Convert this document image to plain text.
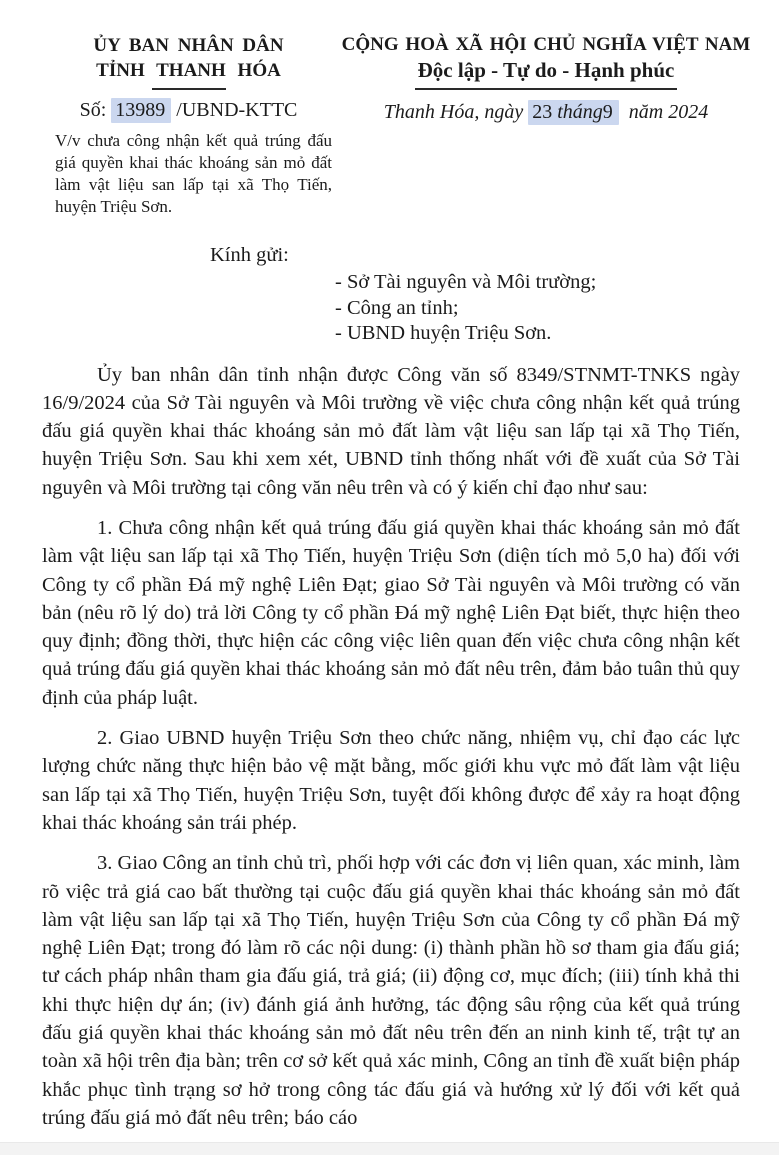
ỦY BAN NHÂN DÂN
TỈNH THANH HÓA
Số: 13989 /UBND-KTTC
V/v chưa công nhận kết quả trúng đấu giá quyền khai thác khoáng sản mỏ đất làm vật liệu san lấp tại xã Thọ Tiến, huyện Triệu Sơn.
CỘNG HOÀ XÃ HỘI CHỦ NGHĨA VIỆT NAM
Độc lập - Tự do - Hạnh phúc
Thanh Hóa, ngày 23 tháng9 năm 2024
Kính gửi:
- Sở Tài nguyên và Môi trường;
- Công an tỉnh;
- UBND huyện Triệu Sơn.

Ủy ban nhân dân tỉnh nhận được Công văn số 8349/STNMT-TNKS ngày 16/9/2024 của Sở Tài nguyên và Môi trường về việc chưa công nhận kết quả trúng đấu giá quyền khai thác khoáng sản mỏ đất làm vật liệu san lấp tại xã Thọ Tiến, huyện Triệu Sơn. Sau khi xem xét, UBND tỉnh thống nhất với đề xuất của Sở Tài nguyên và Môi trường tại công văn nêu trên và có ý kiến chỉ đạo như sau:

1. Chưa công nhận kết quả trúng đấu giá quyền khai thác khoáng sản mỏ đất làm vật liệu san lấp tại xã Thọ Tiến, huyện Triệu Sơn (diện tích mỏ 5,0 ha) đối với Công ty cổ phần Đá mỹ nghệ Liên Đạt; giao Sở Tài nguyên và Môi trường có văn bản (nêu rõ lý do) trả lời Công ty cổ phần Đá mỹ nghệ Liên Đạt biết, thực hiện theo quy định; đồng thời, thực hiện các công việc liên quan đến việc chưa công nhận kết quả trúng đấu giá quyền khai thác khoáng sản mỏ đất nêu trên, đảm bảo tuân thủ quy định của pháp luật.

2. Giao UBND huyện Triệu Sơn theo chức năng, nhiệm vụ, chỉ đạo các lực lượng chức năng thực hiện bảo vệ mặt bằng, mốc giới khu vực mỏ đất làm vật liệu san lấp tại xã Thọ Tiến, huyện Triệu Sơn, tuyệt đối không được để xảy ra hoạt động khai thác khoáng sản trái phép.

3. Giao Công an tỉnh chủ trì, phối hợp với các đơn vị liên quan, xác minh, làm rõ việc trả giá cao bất thường tại cuộc đấu giá quyền khai thác khoáng sản mỏ đất làm vật liệu san lấp tại xã Thọ Tiến, huyện Triệu Sơn của Công ty cổ phần Đá mỹ nghệ Liên Đạt; trong đó làm rõ các nội dung: (i) thành phần hồ sơ tham gia đấu giá; tư cách pháp nhân tham gia đấu giá, trả giá; (ii) động cơ, mục đích; (iii) tính khả thi khi thực hiện dự án; (iv) đánh giá ảnh hưởng, tác động sâu rộng của kết quả trúng đấu giá quyền khai thác khoáng sản mỏ đất nêu trên đến an ninh kinh tế, trật tự an toàn xã hội trên địa bàn; trên cơ sở kết quả xác minh, Công an tỉnh đề xuất biện pháp khắc phục tình trạng sơ hở trong công tác đấu giá và hướng xử lý đối với kết quả trúng đấu giá mỏ đất nêu trên; báo cáo
